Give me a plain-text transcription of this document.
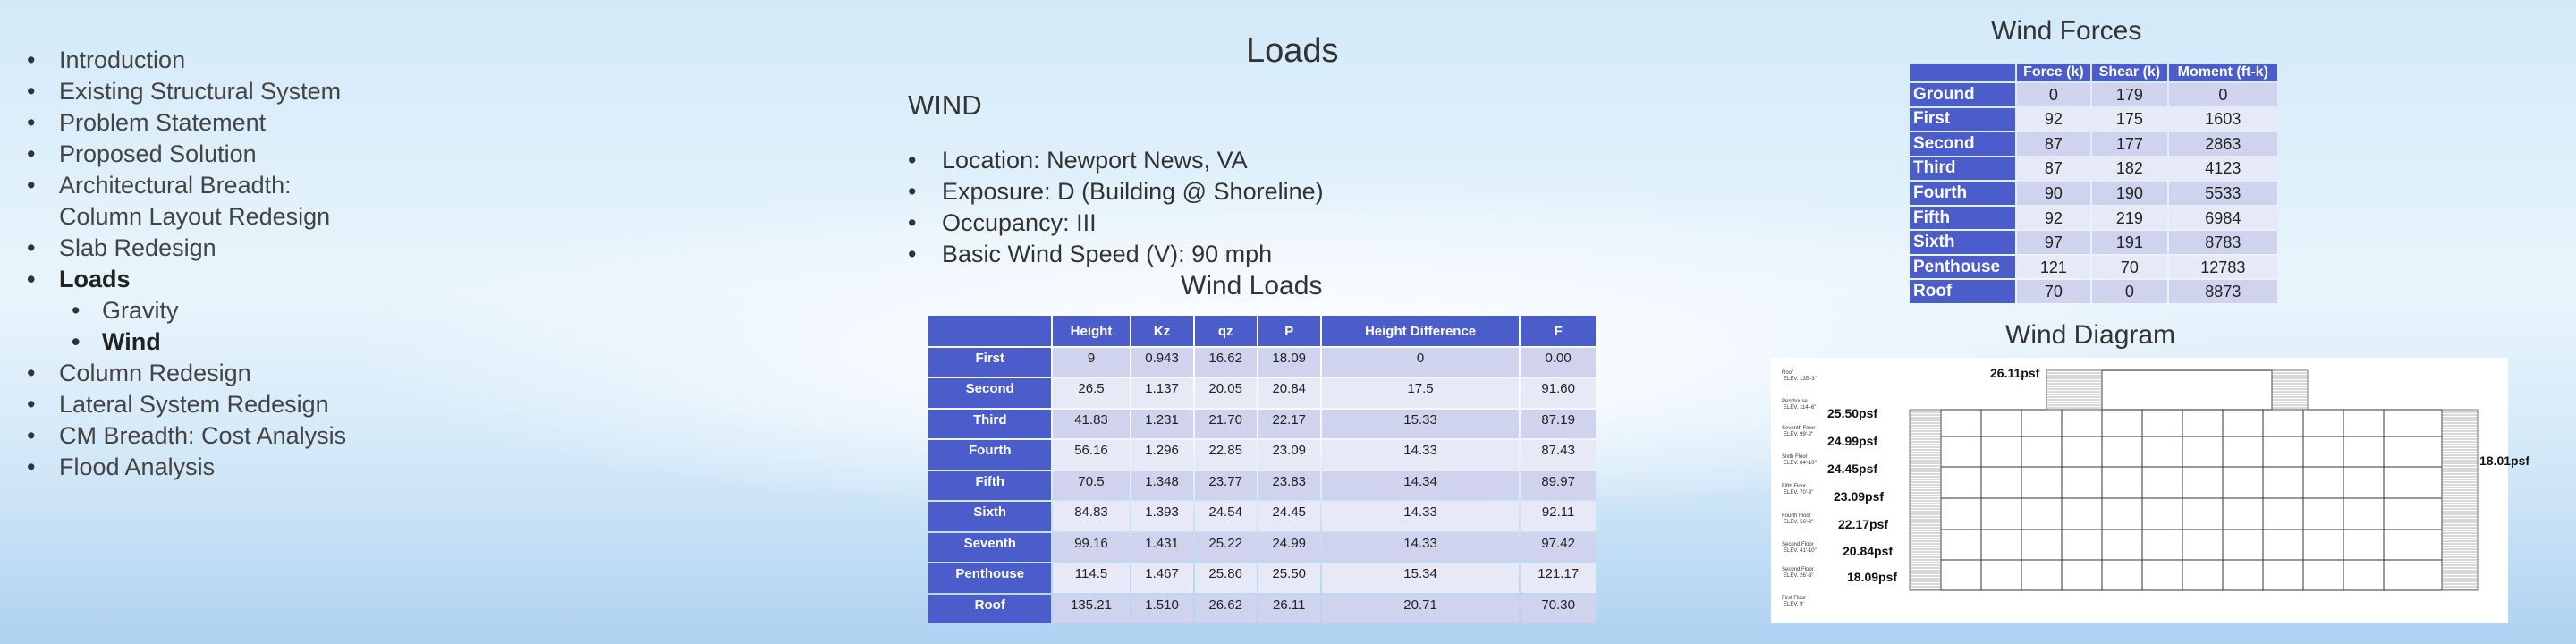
• Introduction
• Existing Structural System
• Problem Statement
• Proposed Solution
• Architectural Breadth:
Column Layout Redesign
• Slab Redesign
• Loads
• Gravity
• Wind
• Column Redesign
• Lateral System Redesign
• CM Breadth: Cost Analysis
• Flood Analysis
Loads
WIND
• Location: Newport News, VA
• Exposure: D (Building @ Shoreline)
• Occupancy: III
• Basic Wind Speed (V): 90 mph
Wind Loads
	Height	Kz	qz	P	Height Difference	F
First	9	0.943	16.62	18.09	0	0.00
Second	26.5	1.137	20.05	20.84	17.5	91.60
Third	41.83	1.231	21.70	22.17	15.33	87.19
Fourth	56.16	1.296	22.85	23.09	14.33	87.43
Fifth	70.5	1.348	23.77	23.83	14.34	89.97
Sixth	84.83	1.393	24.54	24.45	14.33	92.11
Seventh	99.16	1.431	25.22	24.99	14.33	97.42
Penthouse	114.5	1.467	25.86	25.50	15.34	121.17
Roof	135.21	1.510	26.62	26.11	20.71	70.30
Wind Forces
	Force (k)	Shear (k)	Moment (ft-k)
Ground	0	179	0
First	92	175	1603
Second	87	177	2863
Third	87	182	4123
Fourth	90	190	5533
Fifth	92	219	6984
Sixth	97	191	8783
Penthouse	121	70	12783
Roof	70	0	8873
Wind Diagram
26.11psf
25.50psf
24.99psf
24.45psf
23.09psf
22.17psf
20.84psf
18.09psf
18.01psf
Roof
ELEV. 135'-3"
Penthouse
ELEV. 114'-6"
Seventh Floor
ELEV. 99'-2"
Sixth Floor
ELEV. 84'-10"
Fifth Floor
ELEV. 70'-6"
Fourth Floor
ELEV. 56'-2"
Second Floor
ELEV. 41'-10"
Second Floor
ELEV. 26'-6"
First Floor
ELEV. 9'
